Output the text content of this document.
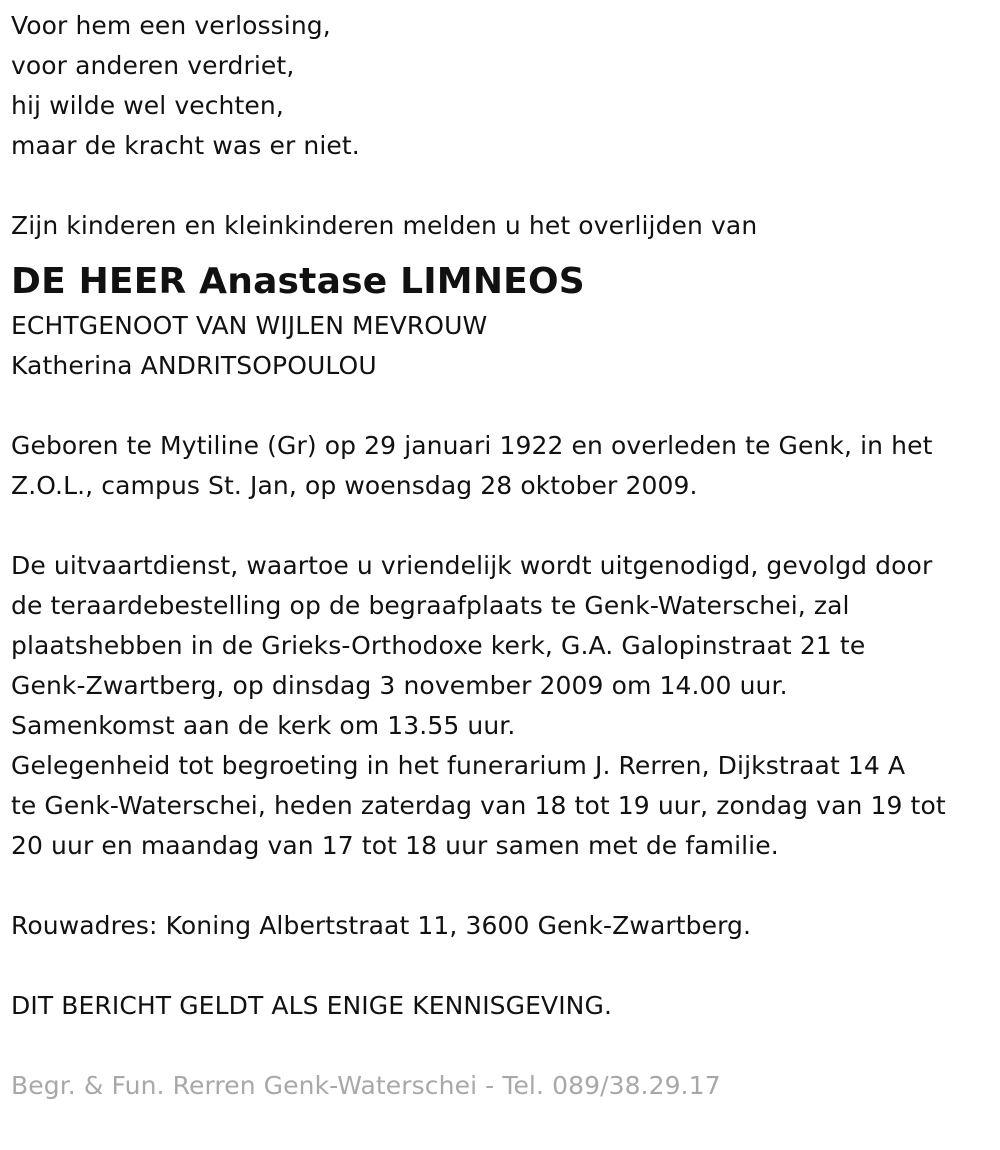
Voor hem een verlossing,
voor anderen verdriet,
hij wilde wel vechten,
maar de kracht was er niet.
Zijn kinderen en kleinkinderen melden u het overlijden van
DE HEER Anastase LIMNEOS
ECHTGENOOT VAN WIJLEN MEVROUW
Katherina ANDRITSOPOULOU
Geboren te Mytiline (Gr) op 29 januari 1922 en overleden te Genk, in het
Z.O.L., campus St. Jan, op woensdag 28 oktober 2009.
De uitvaartdienst, waartoe u vriendelijk wordt uitgenodigd, gevolgd door
de teraardebestelling op de begraafplaats te Genk-Waterschei, zal
plaatshebben in de Grieks-Orthodoxe kerk, G.A. Galopinstraat 21 te
Genk-Zwartberg, op dinsdag 3 november 2009 om 14.00 uur.
Samenkomst aan de kerk om 13.55 uur.
Gelegenheid tot begroeting in het funerarium J. Rerren, Dijkstraat 14 A
te Genk-Waterschei, heden zaterdag van 18 tot 19 uur, zondag van 19 tot
20 uur en maandag van 17 tot 18 uur samen met de familie.
Rouwadres: Koning Albertstraat 11, 3600 Genk-Zwartberg.
DIT BERICHT GELDT ALS ENIGE KENNISGEVING.
Begr. & Fun. Rerren Genk-Waterschei - Tel. 089/38.29.17
